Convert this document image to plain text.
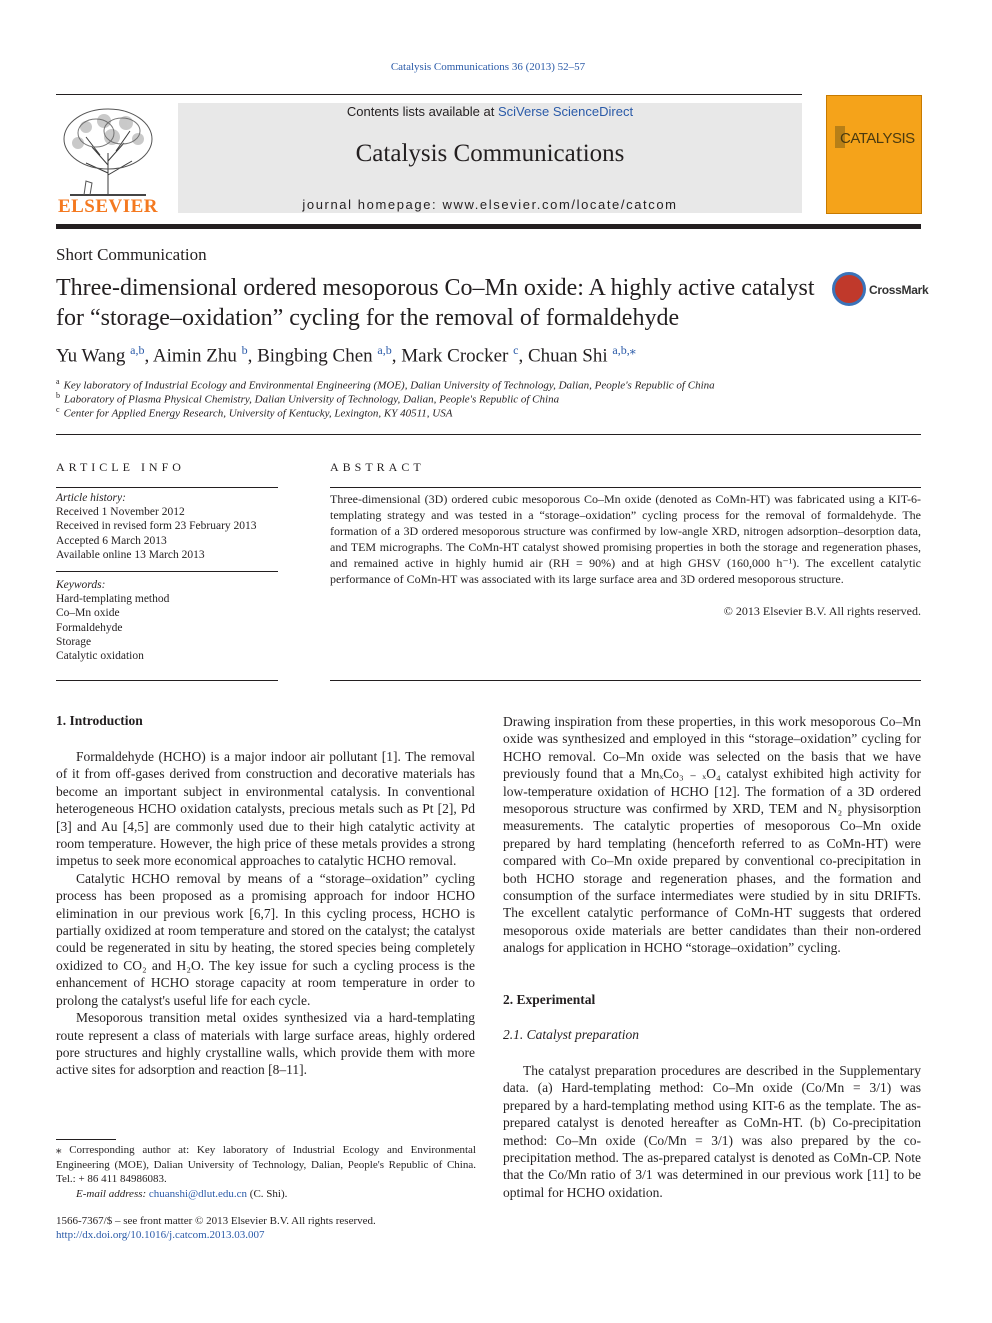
Catalysis Communications 36 (2013) 52–57
ELSEVIER
Contents lists available at SciVerse ScienceDirect
Catalysis Communications
journal homepage: www.elsevier.com/locate/catcom
CATALYSIS
Short Communication
Three-dimensional ordered mesoporous Co–Mn oxide: A highly active catalyst for “storage–oxidation” cycling for the removal of formaldehyde
CrossMark
Yu Wang $^{a,b}$, Aimin Zhu $^b$, Bingbing Chen $^{a,b}$, Mark Crocker $^c$, Chuan Shi $^{a,b,⁎}$
$^a$ Key laboratory of Industrial Ecology and Environmental Engineering (MOE), Dalian University of Technology, Dalian, People's Republic of China
$^b$ Laboratory of Plasma Physical Chemistry, Dalian University of Technology, Dalian, People's Republic of China
$^c$ Center for Applied Energy Research, University of Kentucky, Lexington, KY 40511, USA
ARTICLE INFO
Article history:
Received 1 November 2012
Received in revised form 23 February 2013
Accepted 6 March 2013
Available online 13 March 2013
Keywords:
Hard-templating method
Co–Mn oxide
Formaldehyde
Storage
Catalytic oxidation
ABSTRACT
Three-dimensional (3D) ordered cubic mesoporous Co–Mn oxide (denoted as CoMn-HT) was fabricated using a KIT-6-templating strategy and was tested in a “storage–oxidation” cycling process for the removal of formaldehyde. The formation of a 3D ordered mesoporous structure was confirmed by low-angle XRD, nitrogen adsorption–desorption data, and TEM micrographs. The CoMn-HT catalyst showed promising properties in both the storage and regeneration phases, and remained active in highly humid air (RH = 90%) and at high GHSV (160,000 h⁻¹). The excellent catalytic performance of CoMn-HT was associated with its large surface area and 3D ordered mesoporous structure.
© 2013 Elsevier B.V. All rights reserved.
1. Introduction

Formaldehyde (HCHO) is a major indoor air pollutant [1]. The removal of it from off-gases derived from construction and decorative materials has become an important subject in environmental catalysis. In conventional heterogeneous HCHO oxidation catalysts, precious metals such as Pt [2], Pd [3] and Au [4,5] are commonly used due to their high catalytic activity at room temperature. However, the high price of these metals provides a strong impetus to seek more economical approaches to catalytic HCHO removal.

Catalytic HCHO removal by means of a “storage–oxidation” cycling process has been proposed as a promising approach for indoor HCHO elimination in our previous work [6,7]. In this cycling process, HCHO is partially oxidized at room temperature and stored on the catalyst; the catalyst could be regenerated in situ by heating, the stored species being completely oxidized to CO₂ and H₂O. The key issue for such a cycling process is the enhancement of HCHO storage capacity at room temperature in order to prolong the catalyst's useful life for each cycle.

Mesoporous transition metal oxides synthesized via a hard-templating route represent a class of materials with large surface areas, highly ordered pore structures and highly crystalline walls, which provide them with more active sites for adsorption and reaction [8–11].

Drawing inspiration from these properties, in this work mesoporous Co–Mn oxide was synthesized and employed in this “storage–oxidation” cycling for HCHO removal. Co–Mn oxide was selected on the basis that we have previously found that a MnₓCo₃ ₋ ₓO₄ catalyst exhibited high activity for low-temperature oxidation of HCHO [12]. The formation of a 3D ordered mesoporous structure was confirmed by XRD, TEM and N₂ physisorption measurements. The catalytic properties of mesoporous Co–Mn oxide prepared by hard templating (henceforth referred to as CoMn-HT) were compared with Co–Mn oxide prepared by conventional co-precipitation in both HCHO storage and regeneration phases, and the formation and consumption of the surface intermediates were studied by in situ DRIFTs. The excellent catalytic performance of CoMn-HT suggests that ordered mesoporous oxide materials are better candidates than their non-ordered analogs for application in HCHO “storage–oxidation” cycling.

2. Experimental
2.1. Catalyst preparation

The catalyst preparation procedures are described in the Supplementary data. (a) Hard-templating method: Co–Mn oxide (Co/Mn = 3/1) was prepared by a hard-templating method using KIT-6 as the template. The as-prepared catalyst is denoted hereafter as CoMn-HT. (b) Co-precipitation method: Co–Mn oxide (Co/Mn = 3/1) was also prepared by the co-precipitation method. The as-prepared catalyst is denoted as CoMn-CP. Note that the Co/Mn ratio of 3/1 was determined in our previous work [11] to be optimal for HCHO oxidation.

⁎ Corresponding author at: Key laboratory of Industrial Ecology and Environmental Engineering (MOE), Dalian University of Technology, Dalian, People's Republic of China. Tel.: + 86 411 84986083.
E-mail address: chuanshi@dlut.edu.cn (C. Shi).
1566-7367/$ – see front matter © 2013 Elsevier B.V. All rights reserved.
http://dx.doi.org/10.1016/j.catcom.2013.03.007
